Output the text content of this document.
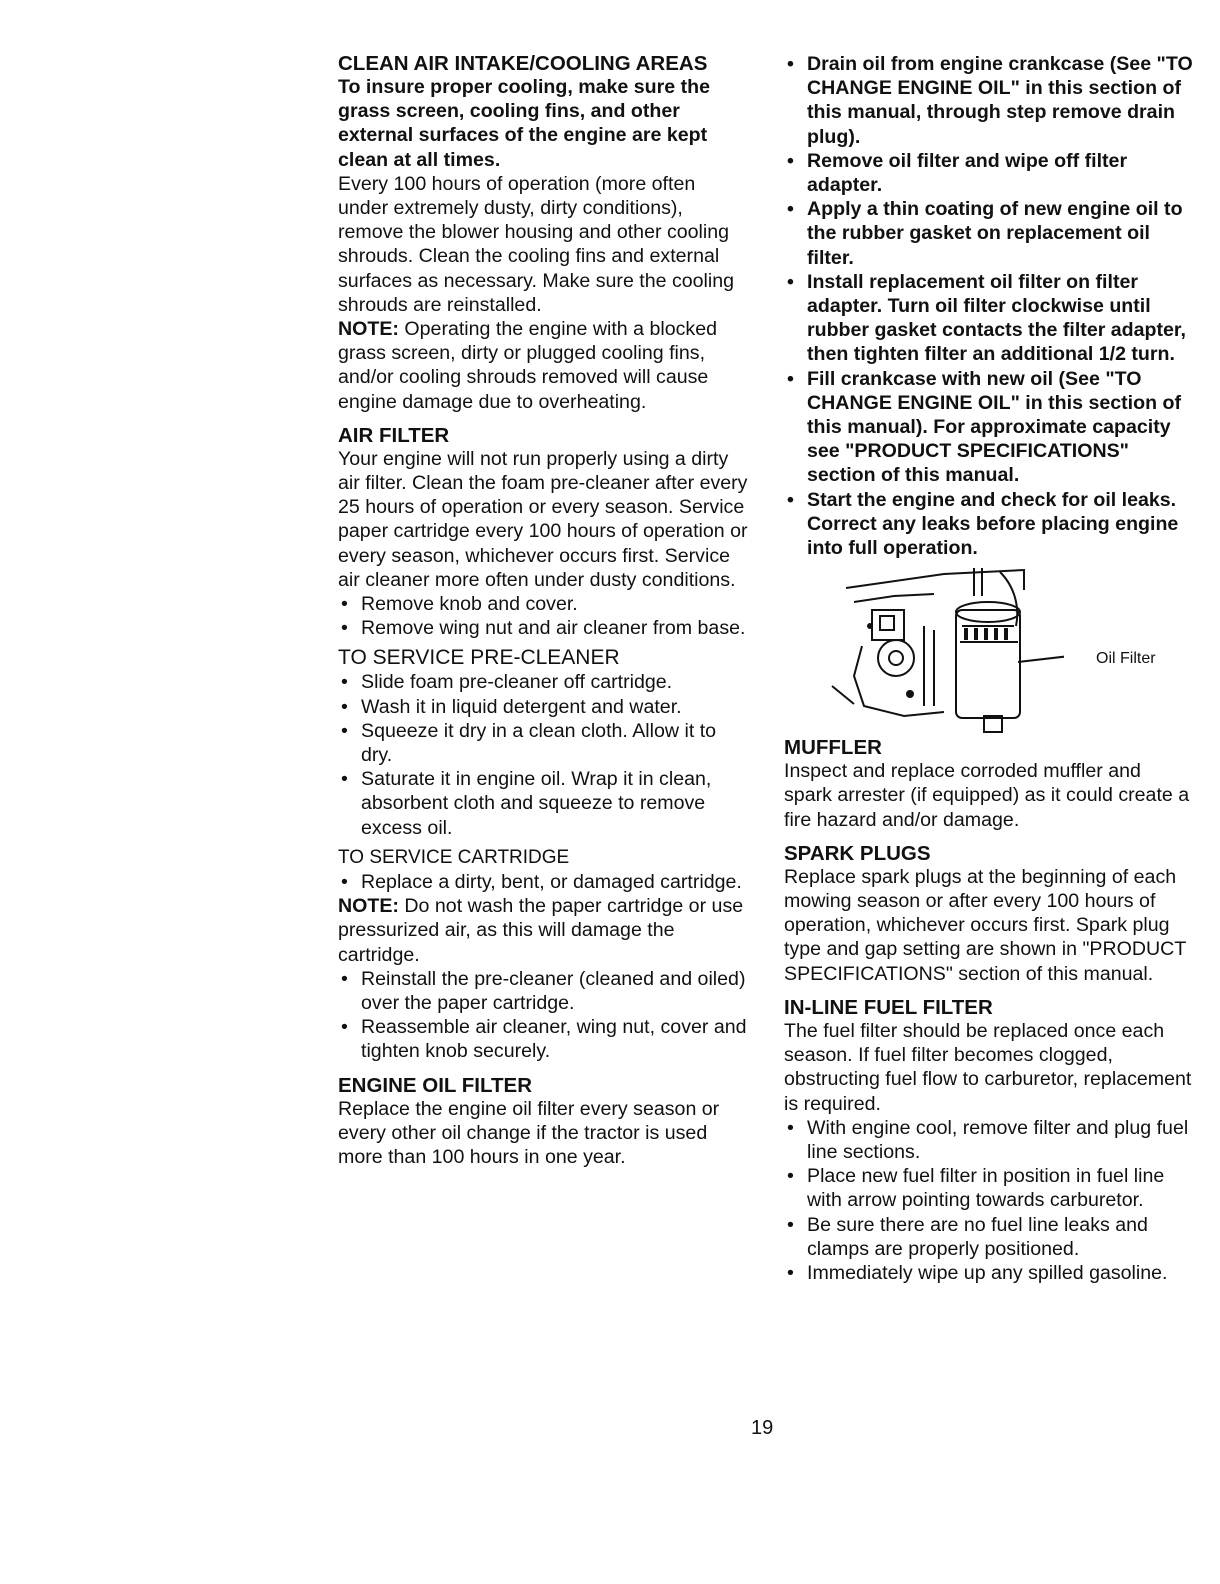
CLEAN AIR INTAKE/COOLING AREAS

To insure proper cooling, make sure the grass screen, cooling fins, and other external surfaces of the engine are kept clean at all times.

Every 100 hours of operation (more often under extremely dusty, dirty conditions), remove the blower housing and other cooling shrouds. Clean the cooling fins and external surfaces as necessary. Make sure the cooling shrouds are reinstalled.

NOTE: Operating the engine with a blocked grass screen, dirty or plugged cooling fins, and/or cooling shrouds removed will cause engine damage due to overheating.

AIR FILTER

Your engine will not run properly using a dirty air filter. Clean the foam pre-cleaner after every 25 hours of operation or every season. Service paper cartridge every 100 hours of operation or every season, whichever occurs first. Service air cleaner more often under dusty conditions.

• Remove knob and cover.
• Remove wing nut and air cleaner from base.
TO SERVICE PRE-CLEANER
• Slide foam pre-cleaner off cartridge.
• Wash it in liquid detergent and water.
• Squeeze it dry in a clean cloth. Allow it to dry.
• Saturate it in engine oil. Wrap it in clean, absorbent cloth and squeeze to remove excess oil.
TO SERVICE CARTRIDGE
• Replace a dirty, bent, or damaged cartridge.

NOTE: Do not wash the paper cartridge or use pressurized air, as this will damage the cartridge.

• Reinstall the pre-cleaner (cleaned and oiled) over the paper cartridge.
• Reassemble air cleaner, wing nut, cover and tighten knob securely.
ENGINE OIL FILTER

Replace the engine oil filter every season or every other oil change if the tractor is used more than 100 hours in one year.

• Drain oil from engine crankcase (See "TO CHANGE ENGINE OIL" in this section of this manual, through step remove drain plug).
• Remove oil filter and wipe off filter adapter.
• Apply a thin coating of new engine oil to the rubber gasket on replacement oil filter.
• Install replacement oil filter on filter adapter. Turn oil filter clockwise until rubber gasket contacts the filter adapter, then tighten filter an additional 1/2 turn.
• Fill crankcase with new oil (See "TO CHANGE ENGINE OIL" in this section of this manual). For approximate capacity see "PRODUCT SPECIFICATIONS" section of this manual.
• Start the engine and check for oil leaks. Correct any leaks before placing engine into full operation.
Oil Filter
MUFFLER

Inspect and replace corroded muffler and spark arrester (if equipped) as it could create a fire hazard and/or damage.

SPARK PLUGS

Replace spark plugs at the beginning of each mowing season or after every 100 hours of operation, whichever occurs first. Spark plug type and gap setting are shown in "PRODUCT SPECIFICATIONS" section of this manual.

IN-LINE FUEL FILTER

The fuel filter should be replaced once each season. If fuel filter becomes clogged, obstructing fuel flow to carburetor, replacement is required.

• With engine cool, remove filter and plug fuel line sections.
• Place new fuel filter in position in fuel line with arrow pointing towards carburetor.
• Be sure there are no fuel line leaks and clamps are properly positioned.
• Immediately wipe up any spilled gasoline.
19
